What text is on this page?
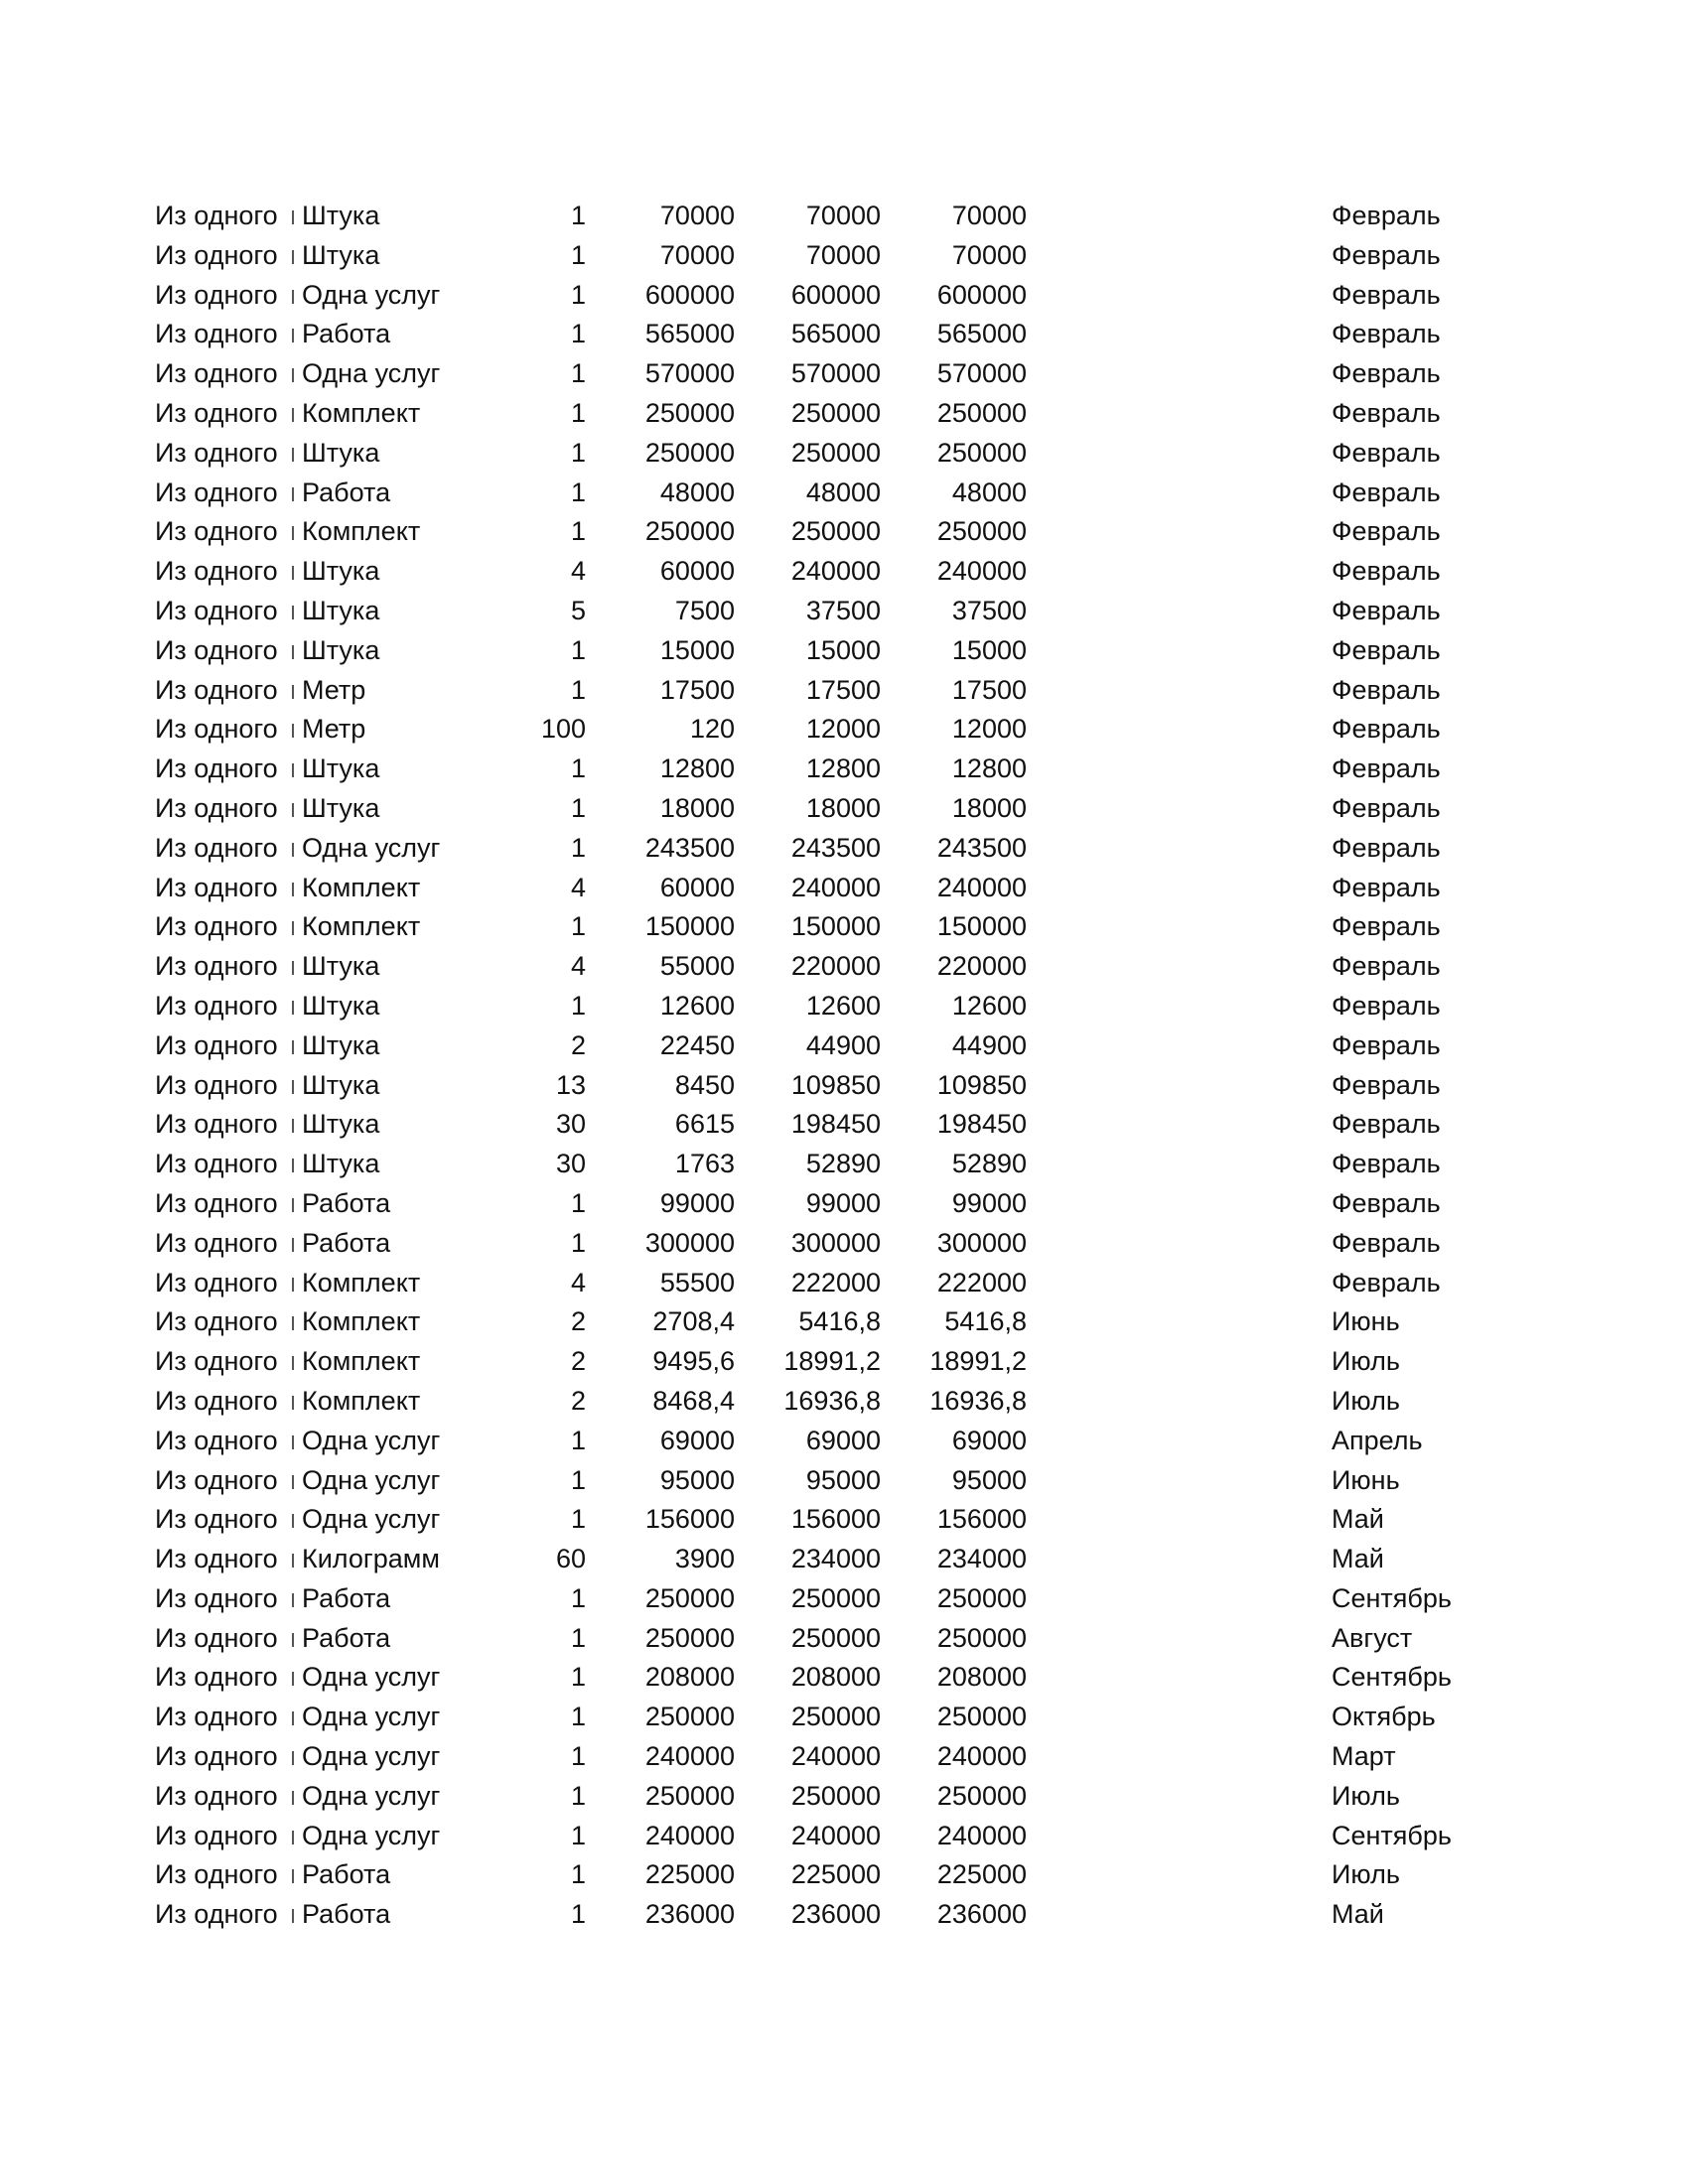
Из одного Штука	1	70000	70000	70000	Февраль
Из одного Штука	1	70000	70000	70000	Февраль
Из одного Одна услуг	1	600000	600000	600000	Февраль
Из одного Работа	1	565000	565000	565000	Февраль
Из одного Одна услуг	1	570000	570000	570000	Февраль
Из одного Комплект	1	250000	250000	250000	Февраль
Из одного Штука	1	250000	250000	250000	Февраль
Из одного Работа	1	48000	48000	48000	Февраль
Из одного Комплект	1	250000	250000	250000	Февраль
Из одного Штука	4	60000	240000	240000	Февраль
Из одного Штука	5	7500	37500	37500	Февраль
Из одного Штука	1	15000	15000	15000	Февраль
Из одного Метр	1	17500	17500	17500	Февраль
Из одного Метр	100	120	12000	12000	Февраль
Из одного Штука	1	12800	12800	12800	Февраль
Из одного Штука	1	18000	18000	18000	Февраль
Из одного Одна услуг	1	243500	243500	243500	Февраль
Из одного Комплект	4	60000	240000	240000	Февраль
Из одного Комплект	1	150000	150000	150000	Февраль
Из одного Штука	4	55000	220000	220000	Февраль
Из одного Штука	1	12600	12600	12600	Февраль
Из одного Штука	2	22450	44900	44900	Февраль
Из одного Штука	13	8450	109850	109850	Февраль
Из одного Штука	30	6615	198450	198450	Февраль
Из одного Штука	30	1763	52890	52890	Февраль
Из одного Работа	1	99000	99000	99000	Февраль
Из одного Работа	1	300000	300000	300000	Февраль
Из одного Комплект	4	55500	222000	222000	Февраль
Из одного Комплект	2	2708,4	5416,8	5416,8	Июнь
Из одного Комплект	2	9495,6	18991,2	18991,2	Июль
Из одного Комплект	2	8468,4	16936,8	16936,8	Июль
Из одного Одна услуг	1	69000	69000	69000	Апрель
Из одного Одна услуг	1	95000	95000	95000	Июнь
Из одного Одна услуг	1	156000	156000	156000	Май
Из одного Килограмм	60	3900	234000	234000	Май
Из одного Работа	1	250000	250000	250000	Сентябрь
Из одного Работа	1	250000	250000	250000	Август
Из одного Одна услуг	1	208000	208000	208000	Сентябрь
Из одного Одна услуг	1	250000	250000	250000	Октябрь
Из одного Одна услуг	1	240000	240000	240000	Март
Из одного Одна услуг	1	250000	250000	250000	Июль
Из одного Одна услуг	1	240000	240000	240000	Сентябрь
Из одного Работа	1	225000	225000	225000	Июль
Из одного Работа	1	236000	236000	236000	Май
